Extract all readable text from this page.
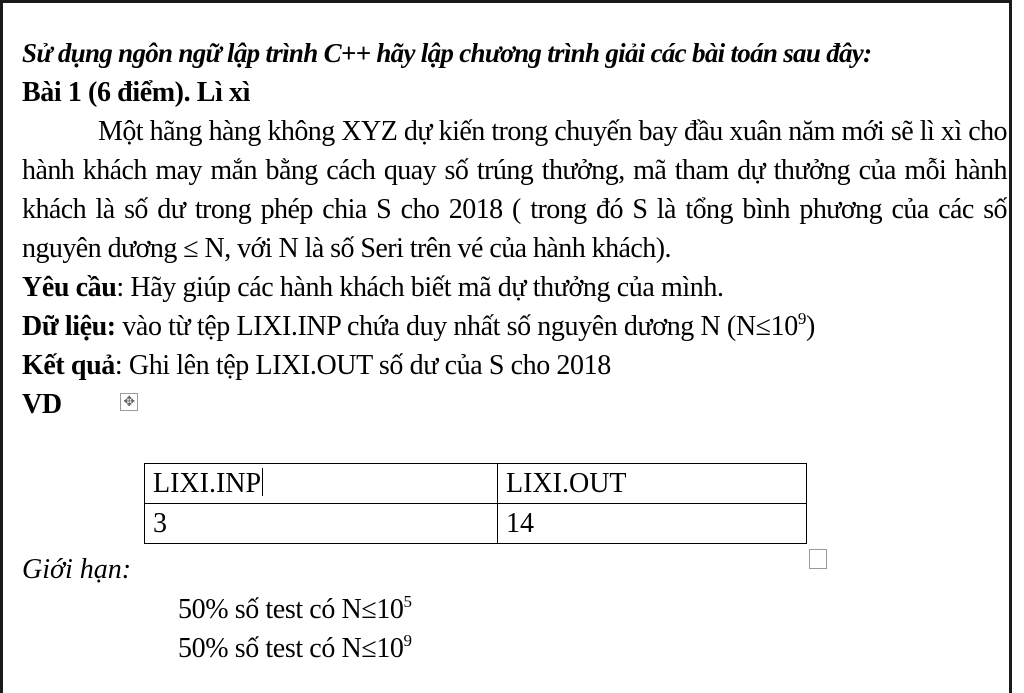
Sử dụng ngôn ngữ lập trình C++ hãy lập chương trình giải các bài toán sau đây:
Bài 1 (6 điểm). Lì xì
Một hãng hàng không XYZ dự kiến trong chuyến bay đầu xuân năm mới sẽ lì xì cho hành khách may mắn bằng cách quay số trúng thưởng, mã tham dự thưởng của mỗi hành khách là số dư trong phép chia S cho 2018 ( trong đó S là tổng bình phương của các số nguyên dương ≤ N, với N là số Seri trên vé của hành khách).
Yêu cầu: Hãy giúp các hành khách biết mã dự thưởng của mình.
Dữ liệu: vào từ tệp LIXI.INP chứa duy nhất số nguyên dương N $(N\le 10^9)$
Kết quả: Ghi lên tệp LIXI.OUT số dư của S cho 2018
VD	✥
LIXI.INP	LIXI.OUT
3	14
Giới hạn:
50% số test có $N\le 10^5$
50% số test có $N\le 10^9$
